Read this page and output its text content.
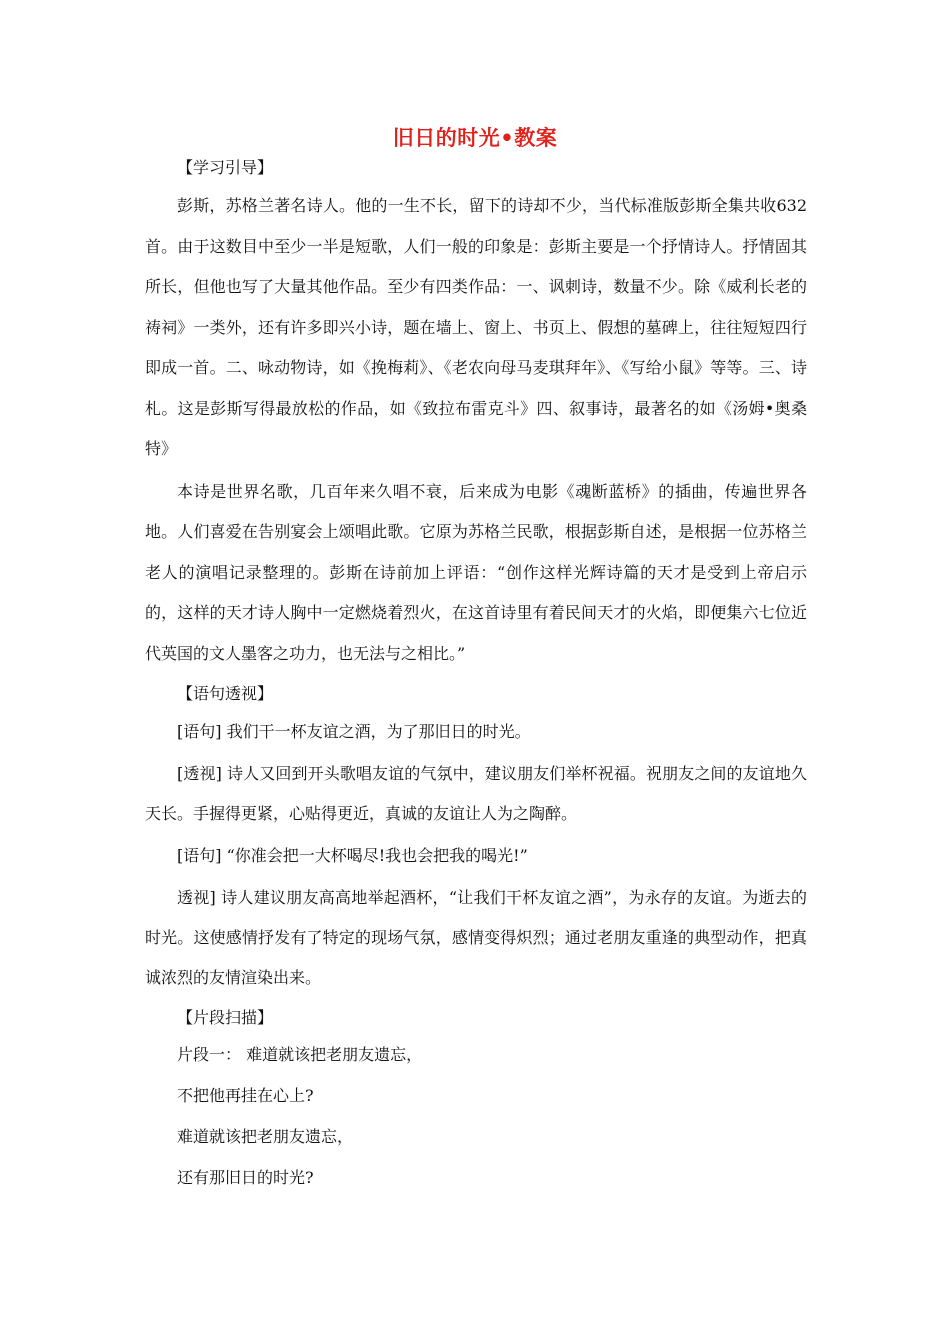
旧日的时光•教案
【学习引导】
彭斯，苏格兰著名诗人。他的一生不长，留下的诗却不少，当代标准版彭斯全集共收632首。由于这数目中至少一半是短歌，人们一般的印象是：彭斯主要是一个抒情诗人。抒情固其所长，但他也写了大量其他作品。至少有四类作品：一、讽刺诗，数量不少。除《威利长老的祷祠》一类外，还有许多即兴小诗，题在墙上、窗上、书页上、假想的墓碑上，往往短短四行即成一首。二、咏动物诗，如《挽梅莉》、《老农向母马麦琪拜年》、《写给小鼠》等等。三、诗札。这是彭斯写得最放松的作品，如《致拉布雷克斗》四、叙事诗，最著名的如《汤姆•奥桑特》
本诗是世界名歌，几百年来久唱不衰，后来成为电影《魂断蓝桥》的插曲，传遍世界各地。人们喜爱在告别宴会上颂唱此歌。它原为苏格兰民歌，根据彭斯自述，是根据一位苏格兰老人的演唱记录整理的。彭斯在诗前加上评语：“创作这样光辉诗篇的天才是受到上帝启示的，这样的天才诗人胸中一定燃烧着烈火，在这首诗里有着民间天才的火焰，即便集六七位近代英国的文人墨客之功力，也无法与之相比。”
【语句透视】
[语句] 我们干一杯友谊之酒，为了那旧日的时光。
[透视] 诗人又回到开头歌唱友谊的气氛中，建议朋友们举杯祝福。祝朋友之间的友谊地久天长。手握得更紧，心贴得更近，真诚的友谊让人为之陶醉。
[语句] “你准会把一大杯喝尽!我也会把我的喝光!”
透视] 诗人建议朋友高高地举起酒杯，“让我们干杯友谊之酒”，为永存的友谊。为逝去的时光。这使感情抒发有了特定的现场气氛，感情变得炽烈；通过老朋友重逢的典型动作，把真诚浓烈的友情渲染出来。
【片段扫描】
片段一： 难道就该把老朋友遗忘，
不把他再挂在心上?
难道就该把老朋友遗忘，
还有那旧日的时光?
